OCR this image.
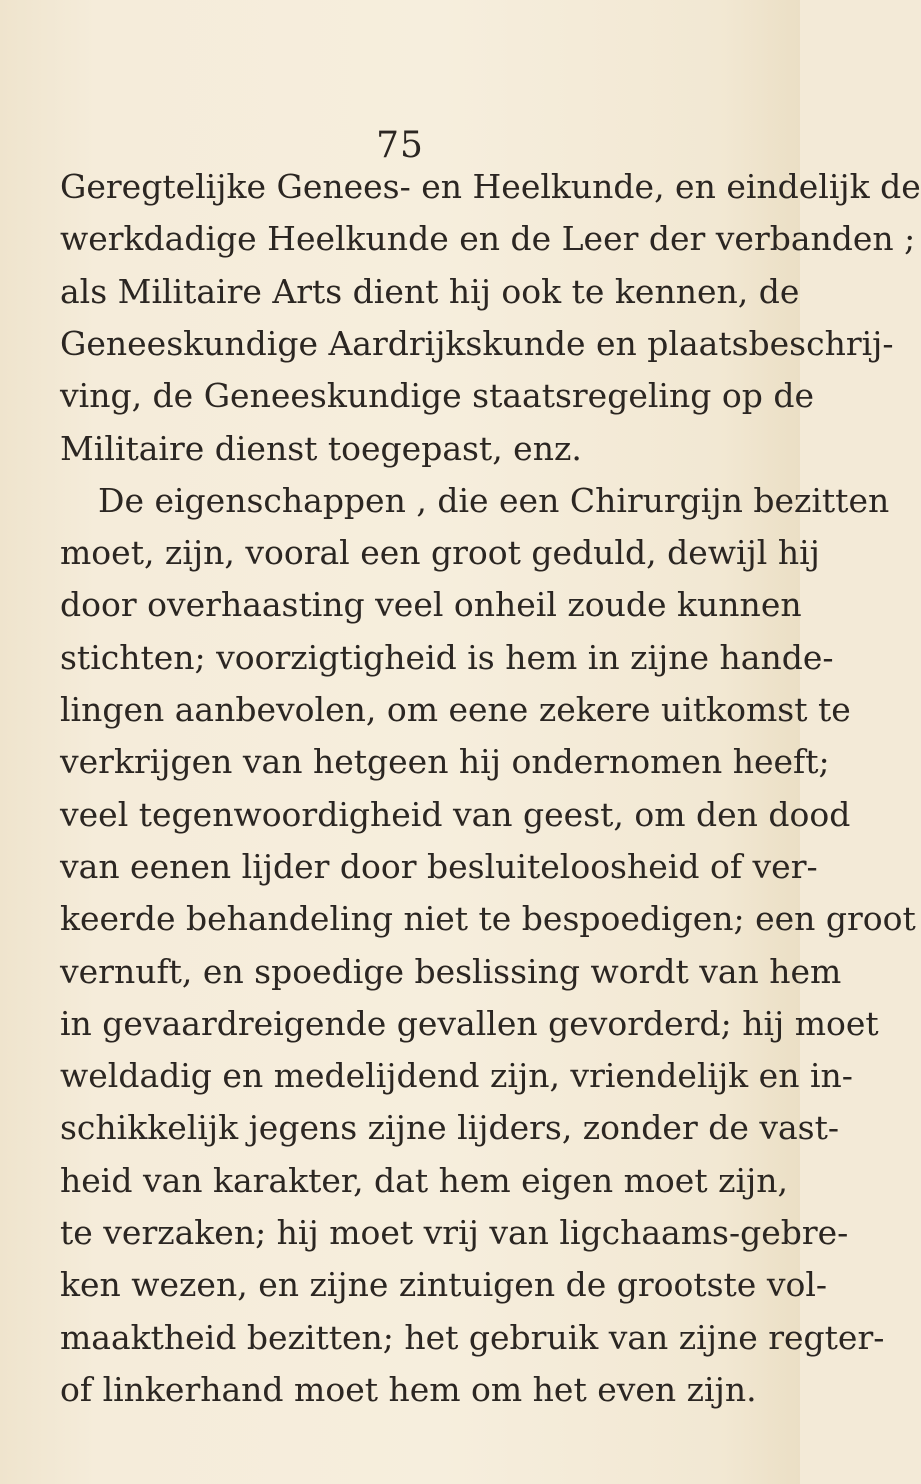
75
Geregtelijke Genees- en Heelkunde, en eindelijk de
werkdadige Heelkunde en de Leer der verbanden ;
als Militaire Arts dient hij ook te kennen, de
Geneeskundige Aardrijkskunde en plaatsbeschrij-
ving, de Geneeskundige staatsregeling op de
Militaire dienst toegepast, enz.
De eigenschappen , die een Chirurgijn bezitten
moet, zijn, vooral een groot geduld, dewijl hij
door overhaasting veel onheil zoude kunnen
stichten; voorzigtigheid is hem in zijne hande-
lingen aanbevolen, om eene zekere uitkomst te
verkrijgen van hetgeen hij ondernomen heeft;
veel tegenwoordigheid van geest, om den dood
van eenen lijder door besluiteloosheid of ver-
keerde behandeling niet te bespoedigen; een groot
vernuft, en spoedige beslissing wordt van hem
in gevaardreigende gevallen gevorderd; hij moet
weldadig en medelijdend zijn, vriendelijk en in-
schikkelijk jegens zijne lijders, zonder de vast-
heid van karakter, dat hem eigen moet zijn,
te verzaken; hij moet vrij van ligchaams-gebre-
ken wezen, en zijne zintuigen de grootste vol-
maaktheid bezitten; het gebruik van zijne regter-
of linkerhand moet hem om het even zijn.
